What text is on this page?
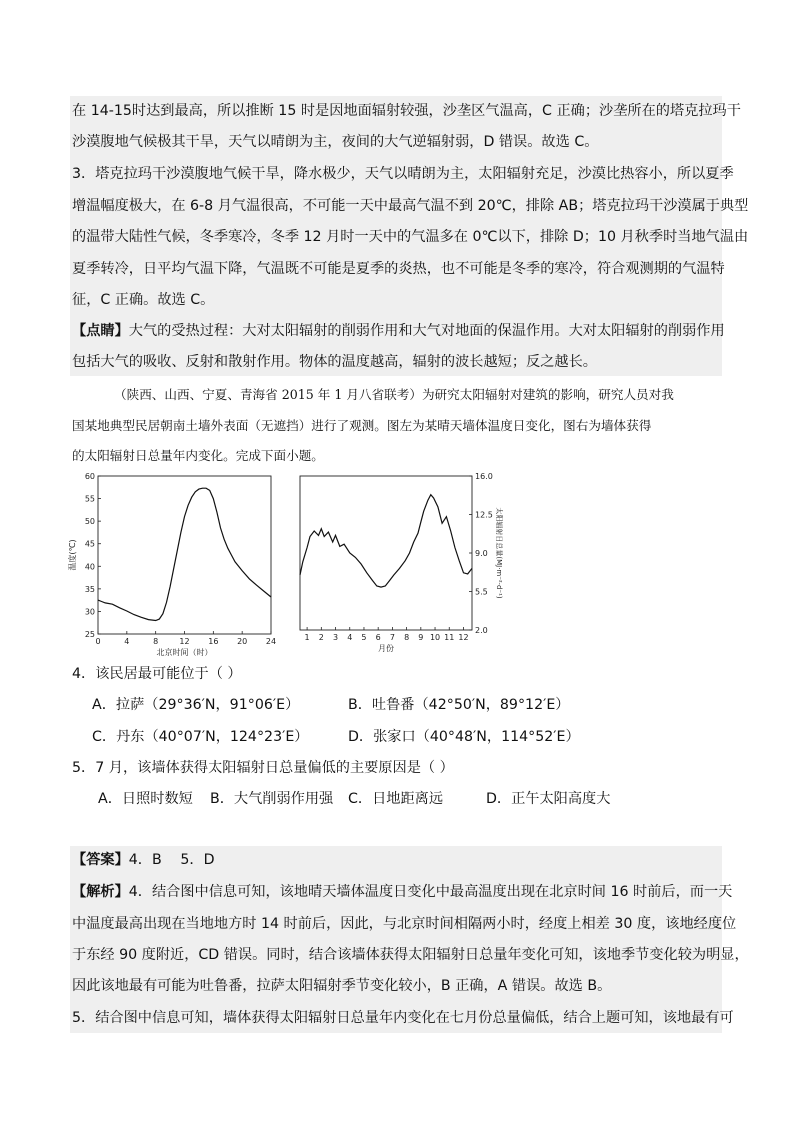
在 14-15时达到最高，所以推断 15 时是因地面辐射较强，沙垄区气温高，C 正确；沙垄所在的塔克拉玛干
沙漠腹地气候极其干旱，天气以晴朗为主，夜间的大气逆辐射弱，D 错误。故选 C。
3．塔克拉玛干沙漠腹地气候干旱，降水极少，天气以晴朗为主，太阳辐射充足，沙漠比热容小，所以夏季
增温幅度极大，在 6-8 月气温很高，不可能一天中最高气温不到 20℃，排除 AB；塔克拉玛干沙漠属于典型
的温带大陆性气候，冬季寒冷，冬季 12 月时一天中的气温多在 0℃以下，排除 D；10 月秋季时当地气温由
夏季转冷，日平均气温下降，气温既不可能是夏季的炎热，也不可能是冬季的寒冷，符合观测期的气温特
征，C 正确。故选 C。
【点睛】大气的受热过程：大对太阳辐射的削弱作用和大气对地面的保温作用。大对太阳辐射的削弱作用
包括大气的吸收、反射和散射作用。物体的温度越高，辐射的波长越短；反之越长。
（陕西、山西、宁夏、青海省 2015 年 1 月八省联考）为研究太阳辐射对建筑的影响，研究人员对我
国某地典型民居朝南土墙外表面（无遮挡）进行了观测。图左为某晴天墙体温度日变化，图右为墙体获得
的太阳辐射日总量年内变化。完成下面小题。
0	4	8	12 16 20 24
25
30
35
40
45
50
55
60
北京时间（时）
温度(℃)
1 2 3 4 5 6 7 8 9 10 11 12
2.0
5.5
9.0
12.5
16.0
月份
太阳辐射日总量(MJ·m⁻²·d⁻¹)
4．该民居最可能位于（ ）
A．拉萨（29°36′N，91°06′E）	B．吐鲁番（42°50′N，89°12′E）
C．丹东（40°07′N，124°23′E）	D．张家口（40°48′N，114°52′E）
5．7 月，该墙体获得太阳辐射日总量偏低的主要原因是（ ）
A．日照时数短 B．大气削弱作用强 C．日地距离远	D．正午太阳高度大
【答案】4．B　 5．D
【解析】4．结合图中信息可知，该地晴天墙体温度日变化中最高温度出现在北京时间 16 时前后，而一天
中温度最高出现在当地地方时 14 时前后，因此，与北京时间相隔两小时，经度上相差 30 度，该地经度位
于东经 90 度附近，CD 错误。同时，结合该墙体获得太阳辐射日总量年变化可知，该地季节变化较为明显，
因此该地最有可能为吐鲁番，拉萨太阳辐射季节变化较小，B 正确，A 错误。故选 B。
5．结合图中信息可知，墙体获得太阳辐射日总量年内变化在七月份总量偏低，结合上题可知，该地最有可
